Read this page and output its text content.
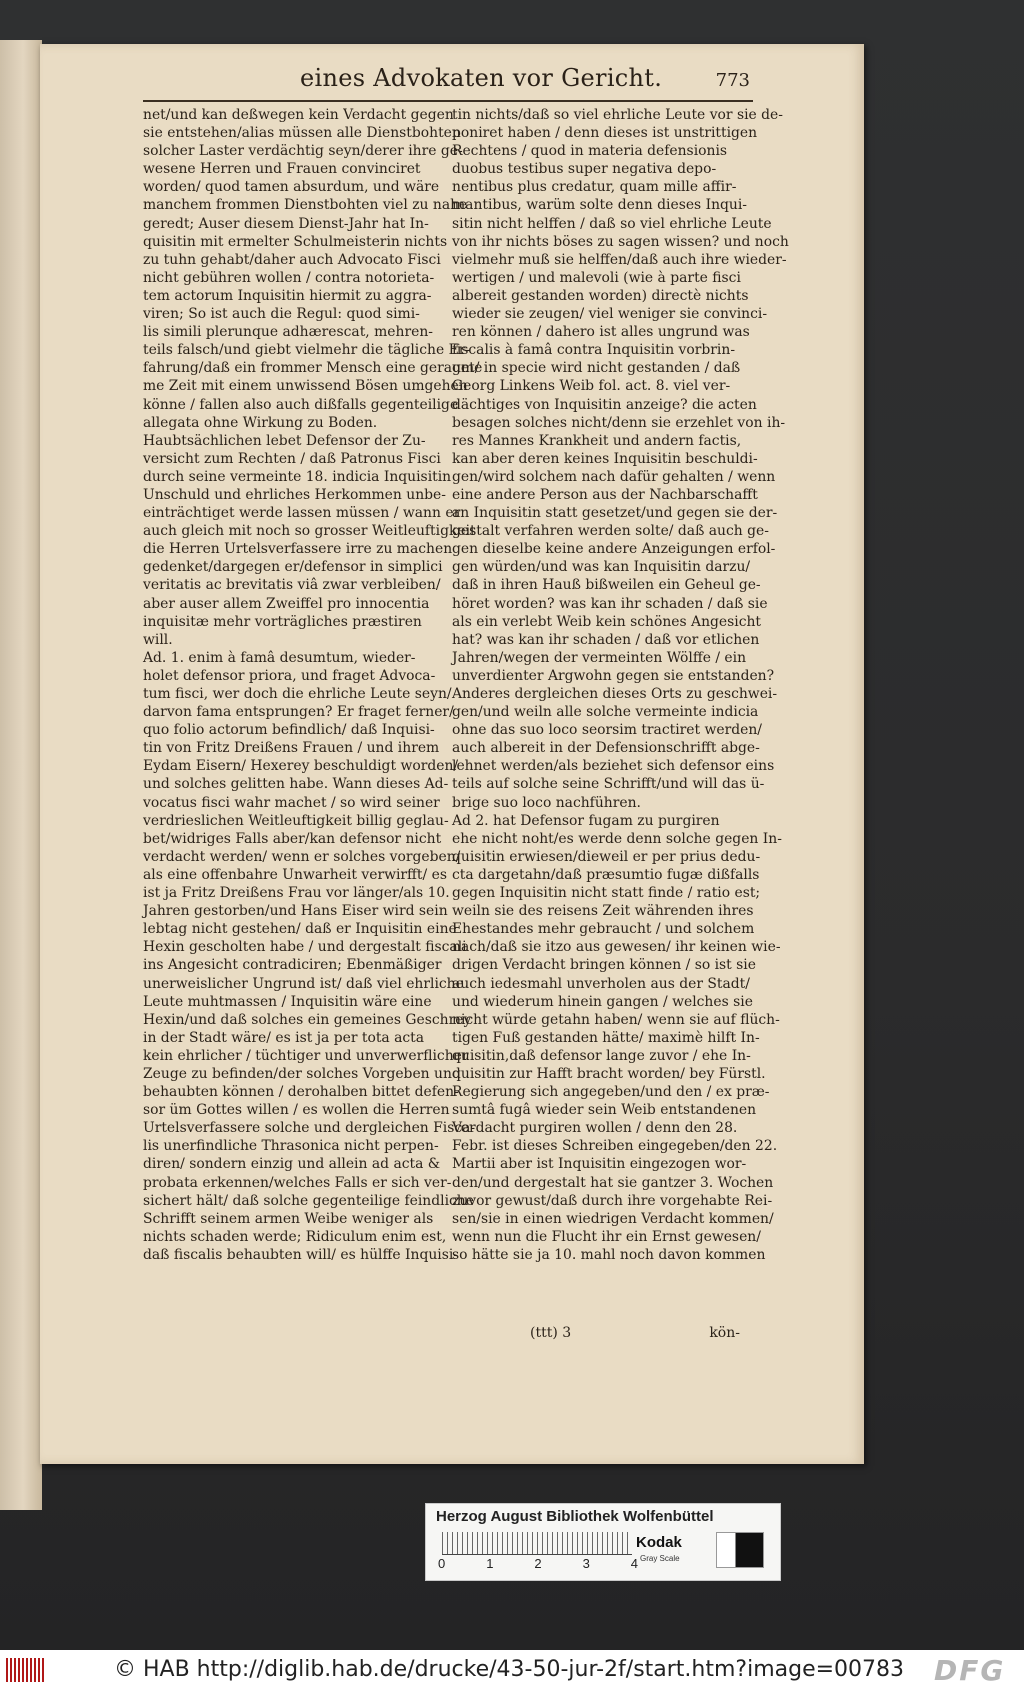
eines Advokaten vor Gericht.	773
net/und kan deßwegen kein Verdacht gegen
sie entstehen/alias müssen alle Dienstbohten
solcher Laster verdächtig seyn/derer ihre ge-
wesene Herren und Frauen convinciret
worden/ quod tamen absurdum, und wäre
manchem frommen Dienstbohten viel zu nahe
geredt; Auser diesem Dienst-Jahr hat In-
quisitin mit ermelter Schulmeisterin nichts
zu tuhn gehabt/daher auch Advocato Fisci
nicht gebühren wollen / contra notorieta-
tem actorum Inquisitin hiermit zu aggra-
viren; So ist auch die Regul: quod simi-
lis simili plerunque adhærescat, mehren-
teils falsch/und giebt vielmehr die tägliche Er-
fahrung/daß ein frommer Mensch eine geraume
me Zeit mit einem unwissend Bösen umgehen
könne / fallen also auch dißfalls gegenteilige
allegata ohne Wirkung zu Boden.
Haubtsächlichen lebet Defensor der Zu-
versicht zum Rechten / daß Patronus Fisci
durch seine vermeinte 18. indicia Inquisitin
Unschuld und ehrliches Herkommen unbe-
einträchtiget werde lassen müssen / wann er
auch gleich mit noch so grosser Weitleuftigkeit
die Herren Urtelsverfassere irre zu machen
gedenket/dargegen er/defensor in simplici
veritatis ac brevitatis viâ zwar verbleiben/
aber auser allem Zweiffel pro innocentia
inquisitæ mehr vorträgliches præstiren
will.
Ad. 1. enim à famâ desumtum, wieder-
holet defensor priora, und fraget Advoca-
tum fisci, wer doch die ehrliche Leute seyn/
darvon fama entsprungen? Er fraget ferner/
quo folio actorum befindlich/ daß Inquisi-
tin von Fritz Dreißens Frauen / und ihrem
Eydam Eisern/ Hexerey beschuldigt worden/
und solches gelitten habe. Wann dieses Ad-
vocatus fisci wahr machet / so wird seiner
verdrieslichen Weitleuftigkeit billig geglau-
bet/widriges Falls aber/kan defensor nicht
verdacht werden/ wenn er solches vorgeben/
als eine offenbahre Unwarheit verwirfft/ es
ist ja Fritz Dreißens Frau vor länger/als 10.
Jahren gestorben/und Hans Eiser wird sein
lebtag nicht gestehen/ daß er Inquisitin eine
Hexin gescholten habe / und dergestalt fiscali
ins Angesicht contradiciren; Ebenmäßiger
unerweislicher Ungrund ist/ daß viel ehrliche
Leute muhtmassen / Inquisitin wäre eine
Hexin/und daß solches ein gemeines Geschrey
in der Stadt wäre/ es ist ja per tota acta
kein ehrlicher / tüchtiger und unverwerflicher
Zeuge zu befinden/der solches Vorgeben und
behaubten können / derohalben bittet defen-
sor üm Gottes willen / es wollen die Herren
Urtelsverfassere solche und dergleichen Fisca-
lis unerfindliche Thrasonica nicht perpen-
diren/ sondern einzig und allein ad acta &
probata erkennen/welches Falls er sich ver-
sichert hält/ daß solche gegenteilige feindliche
Schrifft seinem armen Weibe weniger als
nichts schaden werde; Ridiculum enim est,
daß fiscalis behaubten will/ es hülffe Inquisi-
tin nichts/daß so viel ehrliche Leute vor sie de-
poniret haben / denn dieses ist unstrittigen
Rechtens / quod in materia defensionis
duobus testibus super negativa depo-
nentibus plus credatur, quam mille affir-
mantibus, warüm solte denn dieses Inqui-
sitin nicht helffen / daß so viel ehrliche Leute
von ihr nichts böses zu sagen wissen? und noch
vielmehr muß sie helffen/daß auch ihre wieder-
wertigen / und malevoli (wie à parte fisci
albereit gestanden worden) directè nichts
wieder sie zeugen/ viel weniger sie convinci-
ren können / dahero ist alles ungrund was
fiscalis à famâ contra Inquisitin vorbrin-
get/ in specie wird nicht gestanden / daß
Georg Linkens Weib fol. act. 8. viel ver-
dächtiges von Inquisitin anzeige? die acten
besagen solches nicht/denn sie erzehlet von ih-
res Mannes Krankheit und andern factis,
kan aber deren keines Inquisitin beschuldi-
gen/wird solchem nach dafür gehalten / wenn
eine andere Person aus der Nachbarschafft
an Inquisitin statt gesetzet/und gegen sie der-
gestalt verfahren werden solte/ daß auch ge-
gen dieselbe keine andere Anzeigungen erfol-
gen würden/und was kan Inquisitin darzu/
daß in ihren Hauß bißweilen ein Geheul ge-
höret worden? was kan ihr schaden / daß sie
als ein verlebt Weib kein schönes Angesicht
hat? was kan ihr schaden / daß vor etlichen
Jahren/wegen der vermeinten Wölffe / ein
unverdienter Argwohn gegen sie entstanden?
Anderes dergleichen dieses Orts zu geschwei-
gen/und weiln alle solche vermeinte indicia
ohne das suo loco seorsim tractiret werden/
auch albereit in der Defensionschrifft abge-
lehnet werden/als beziehet sich defensor eins
teils auf solche seine Schrifft/und will das ü-
brige suo loco nachführen.
Ad 2. hat Defensor fugam zu purgiren
ehe nicht noht/es werde denn solche gegen In-
quisitin erwiesen/dieweil er per prius dedu-
cta dargetahn/daß præsumtio fugæ dißfalls
gegen Inquisitin nicht statt finde / ratio est;
weiln sie des reisens Zeit währenden ihres
Ehestandes mehr gebraucht / und solchem
nach/daß sie itzo aus gewesen/ ihr keinen wie-
drigen Verdacht bringen können / so ist sie
auch iedesmahl unverholen aus der Stadt/
und wiederum hinein gangen / welches sie
nicht würde getahn haben/ wenn sie auf flüch-
tigen Fuß gestanden hätte/ maximè hilft In-
quisitin,daß defensor lange zuvor / ehe In-
quisitin zur Hafft bracht worden/ bey Fürstl.
Regierung sich angegeben/und den / ex præ-
sumtâ fugâ wieder sein Weib entstandenen
Verdacht purgiren wollen / denn den 28.
Febr. ist dieses Schreiben eingegeben/den 22.
Martii aber ist Inquisitin eingezogen wor-
den/und dergestalt hat sie gantzer 3. Wochen
zuvor gewust/daß durch ihre vorgehabte Rei-
sen/sie in einen wiedrigen Verdacht kommen/
wenn nun die Flucht ihr ein Ernst gewesen/
so hätte sie ja 10. mahl noch davon kommen
(ttt) 3	kön-
Herzog August Bibliothek Wolfenbüttel
0	1	2	3	4
Kodak
Gray Scale
© HAB http://diglib.hab.de/drucke/43-50-jur-2f/start.htm?image=00783	DFG
